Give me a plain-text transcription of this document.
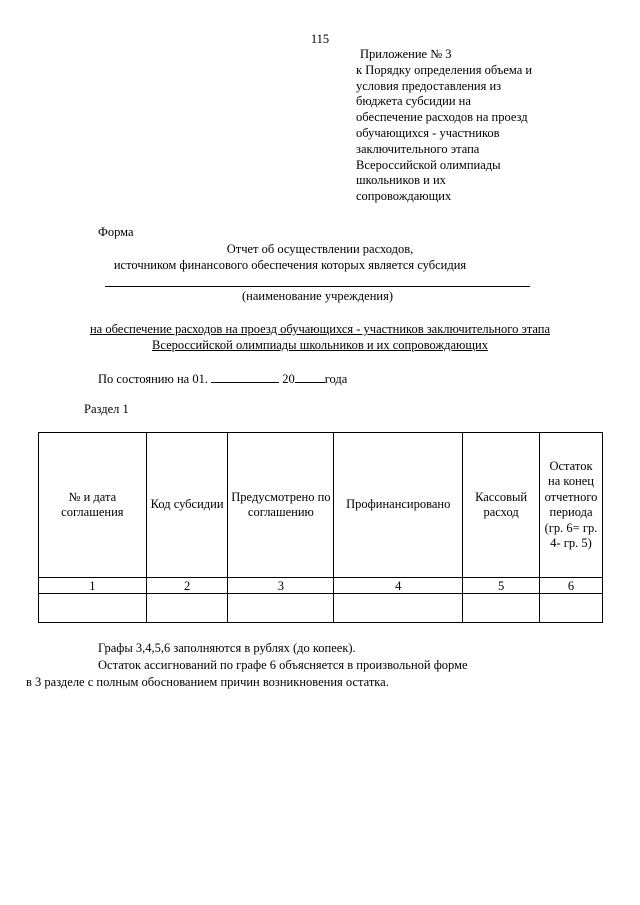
115
Приложение № 3
к Порядку определения объема и
условия предоставления из
бюджета субсидии на
обеспечение расходов на проезд
обучающихся - участников
заключительного этапа
Всероссийской олимпиады
школьников и их
сопровождающих
Форма
Отчет об осуществлении расходов,
источником финансового обеспечения которых является субсидия
(наименование учреждения)
на обеспечение расходов на проезд обучающихся - участников заключительного этапа
Всероссийской олимпиады школьников и их сопровождающих
По состоянию на 01.	20 года
Раздел 1
№ и дата соглашения	Код субсидии	Предусмотрено по соглашению	Профинансировано	Кассовый расход	Остаток на конец отчетного периода (гр. 6= гр. 4- гр. 5)
1	2	3	4	5	6

Графы 3,4,5,6 заполняются в рублях (до копеек).
Остаток ассигнований по графе 6 объясняется в произвольной форме
в 3 разделе с полным обоснованием причин возникновения остатка.
